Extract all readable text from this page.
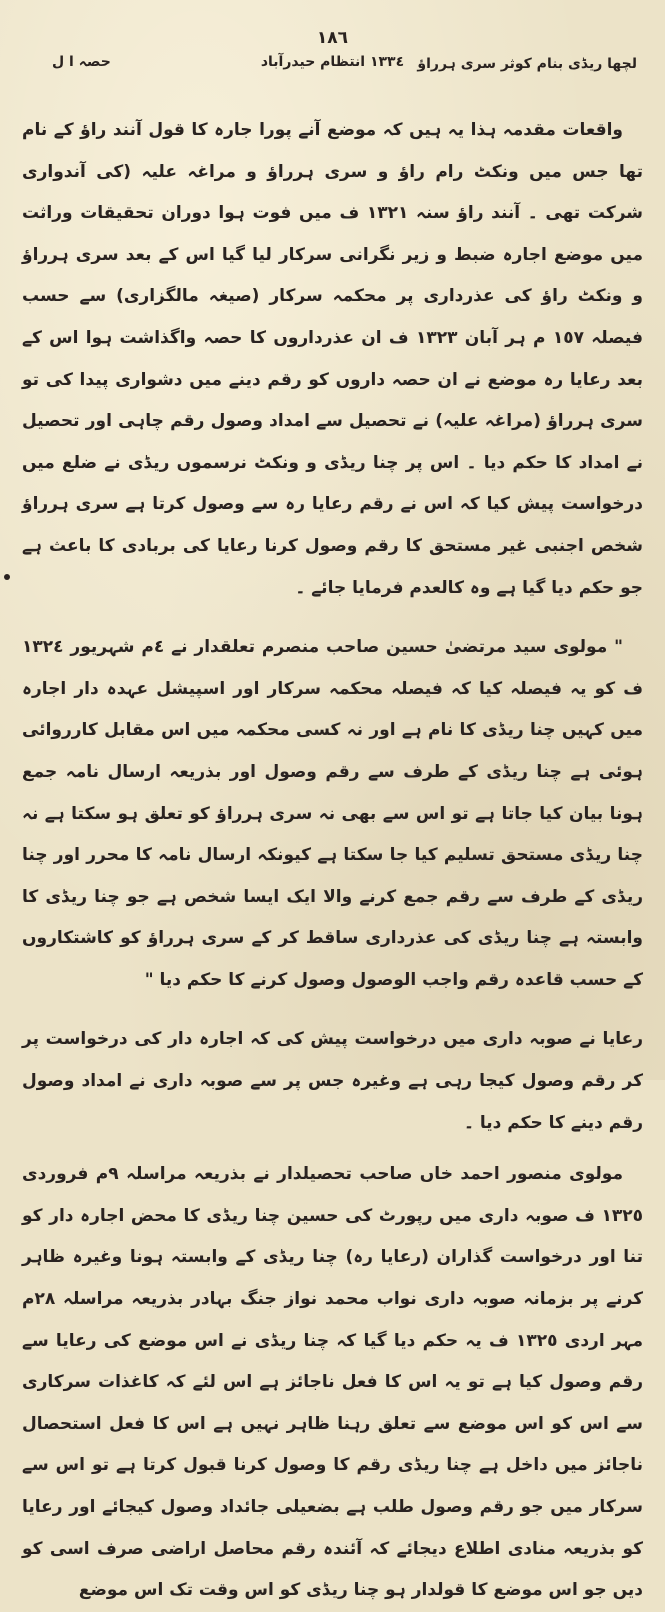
١٨٦
لچھا ریڈی بنام کوثر سری ہرراؤ
١٣٣٤ انتظام حیدرآباد
حصہ ا ل

واقعات مقدمہ ہذا یہ ہیں کہ موضع آنے پورا جارہ کا قول آنند راؤ کے نام تھا جس میں ونکٹ رام راؤ و سری ہرراؤ و مراغہ علیہ (کی آندواری شرکت تھی ۔ آنند راؤ سنہ ١٣٢١ ف میں فوت ہوا دوران تحقیقات وراثت میں موضع اجارہ ضبط و زیر نگرانی سرکار لیا گیا اس کے بعد سری ہرراؤ و ونکٹ راؤ کی عذرداری پر محکمہ سرکار (صیغہ مالگزاری) سے حسب فیصلہ ١٥٧ م ہر آبان ١٣٢٣ ف ان عذرداروں کا حصہ واگذاشت ہوا اس کے بعد رعایا رہ موضع نے ان حصہ داروں کو رقم دینے میں دشواری پیدا کی تو سری ہرراؤ (مراغہ علیہ) نے تحصیل سے امداد وصول رقم چاہی اور تحصیل نے امداد کا حکم دیا ۔ اس پر چنا ریڈی و ونکٹ نرسموں ریڈی نے ضلع میں درخواست پیش کیا کہ اس نے رقم رعایا رہ سے وصول کرتا ہے سری ہرراؤ شخص اجنبی غیر مستحق کا رقم وصول کرنا رعایا کی بربادی کا باعث ہے جو حکم دیا گیا ہے وہ کالعدم فرمایا جائے ۔

" مولوی سید مرتضیٰ حسین صاحب منصرم تعلقدار نے ٤م شہریور ١٣٢٤ ف کو یہ فیصلہ کیا کہ فیصلہ محکمہ سرکار اور اسپیشل عہدہ دار اجارہ میں کہیں چنا ریڈی کا نام ہے اور نہ کسی محکمہ میں اس مقابل کارروائی ہوئی ہے چنا ریڈی کے طرف سے رقم وصول اور بذریعہ ارسال نامہ جمع ہونا بیان کیا جاتا ہے تو اس سے بھی نہ سری ہرراؤ کو تعلق ہو سکتا ہے نہ چنا ریڈی مستحق تسلیم کیا جا سکتا ہے کیونکہ ارسال نامہ کا محرر اور چنا ریڈی کے طرف سے رقم جمع کرنے والا ایک ایسا شخص ہے جو چنا ریڈی کا وابستہ ہے چنا ریڈی کی عذرداری ساقط کر کے سری ہرراؤ کو کاشتکاروں کے حسب قاعدہ رقم واجب الوصول وصول کرنے کا حکم دیا "

رعایا نے صوبہ داری میں درخواست پیش کی کہ اجارہ دار کی درخواست پر کر رقم وصول کیجا رہی ہے وغیرہ جس پر سے صوبہ داری نے امداد وصول رقم دینے کا حکم دیا ۔

مولوی منصور احمد خاں صاحب تحصیلدار نے بذریعہ مراسلہ ٩م فروردی ١٣٢٥ ف صوبہ داری میں رپورٹ کی حسین چنا ریڈی کا محض اجارہ دار کو تنا اور درخواست گذاران (رعایا رہ) چنا ریڈی کے وابستہ ہونا وغیرہ ظاہر کرنے پر بزمانہ صوبہ داری نواب محمد نواز جنگ بہادر بذریعہ مراسلہ ٢٨م مہر اردی ١٣٢٥ ف یہ حکم دیا گیا کہ چنا ریڈی نے اس موضع کی رعایا سے رقم وصول کیا ہے تو یہ اس کا فعل ناجائز ہے اس لئے کہ کاغذات سرکاری سے اس کو اس موضع سے تعلق رہنا ظاہر نہیں ہے اس کا فعل استحصال ناجائز میں داخل ہے چنا ریڈی رقم کا وصول کرنا قبول کرتا ہے تو اس سے سرکار میں جو رقم وصول طلب ہے بضعیلی جائداد وصول کیجائے اور رعایا کو بذریعہ منادی اطلاع دیجائے کہ آئندہ رقم محاصل اراضی صرف اسی کو دیں جو اس موضع کا قولدار ہو چنا ریڈی کو اس وقت تک اس موضع
